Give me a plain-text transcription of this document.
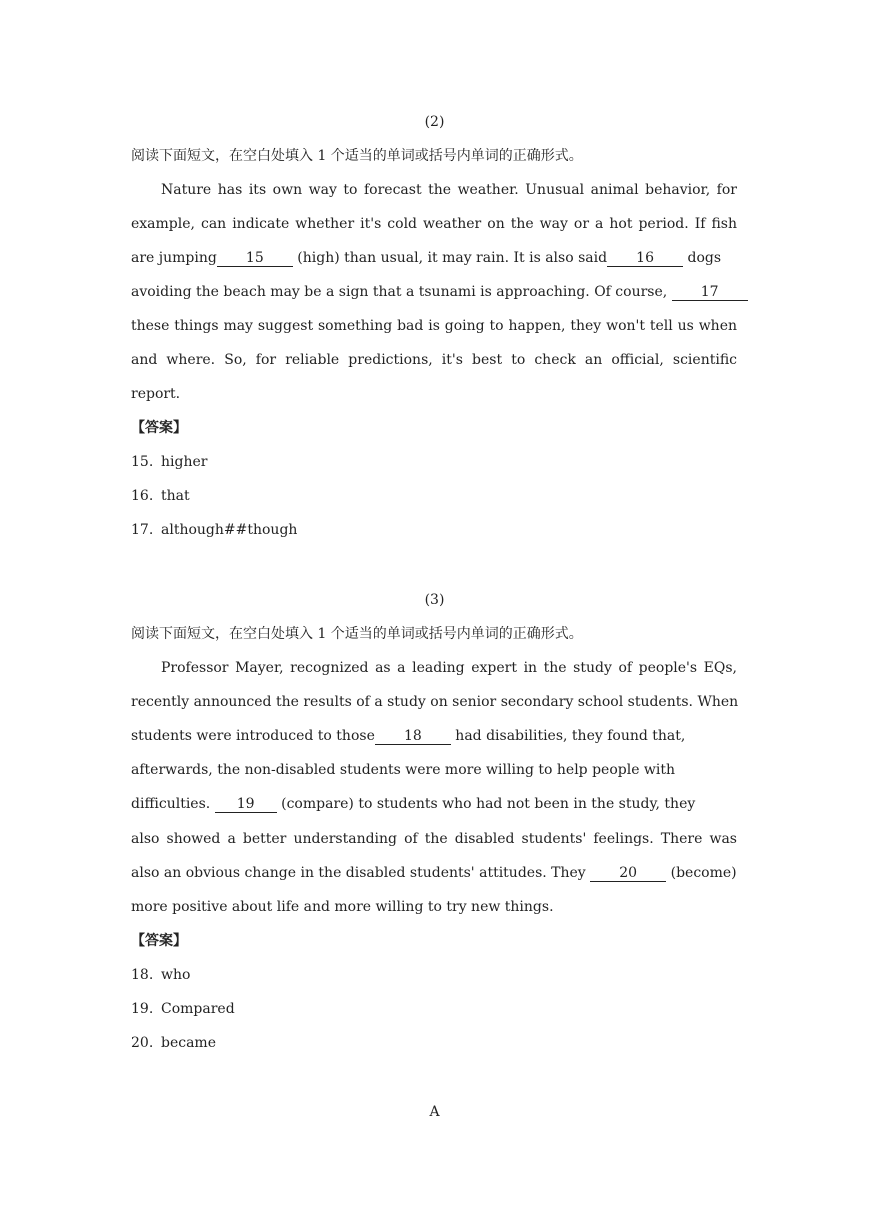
(2)
阅读下面短文，在空白处填入 1 个适当的单词或括号内单词的正确形式。
Nature has its own way to forecast the weather. Unusual animal behavior, for
example, can indicate whether it's cold weather on the way or a hot period. If fish
are jumping 15 (high) than usual, it may rain. It is also said 16 dogs
avoiding the beach may be a sign that a tsunami is approaching. Of course, 17
these things may suggest something bad is going to happen, they won't tell us when
and where. So, for reliable predictions, it's best to check an official, scientific
report.
【答案】
15. higher
16. that
17. although##though
(3)
阅读下面短文，在空白处填入 1 个适当的单词或括号内单词的正确形式。
Professor Mayer, recognized as a leading expert in the study of people's EQs,
recently announced the results of a study on senior secondary school students. When
students were introduced to those 18 had disabilities, they found that,
afterwards, the non-disabled students were more willing to help people with
difficulties. 19 (compare) to students who had not been in the study, they
also showed a better understanding of the disabled students' feelings. There was
also an obvious change in the disabled students' attitudes. They 20 (become)
more positive about life and more willing to try new things.
【答案】
18. who
19. Compared
20. became
A
